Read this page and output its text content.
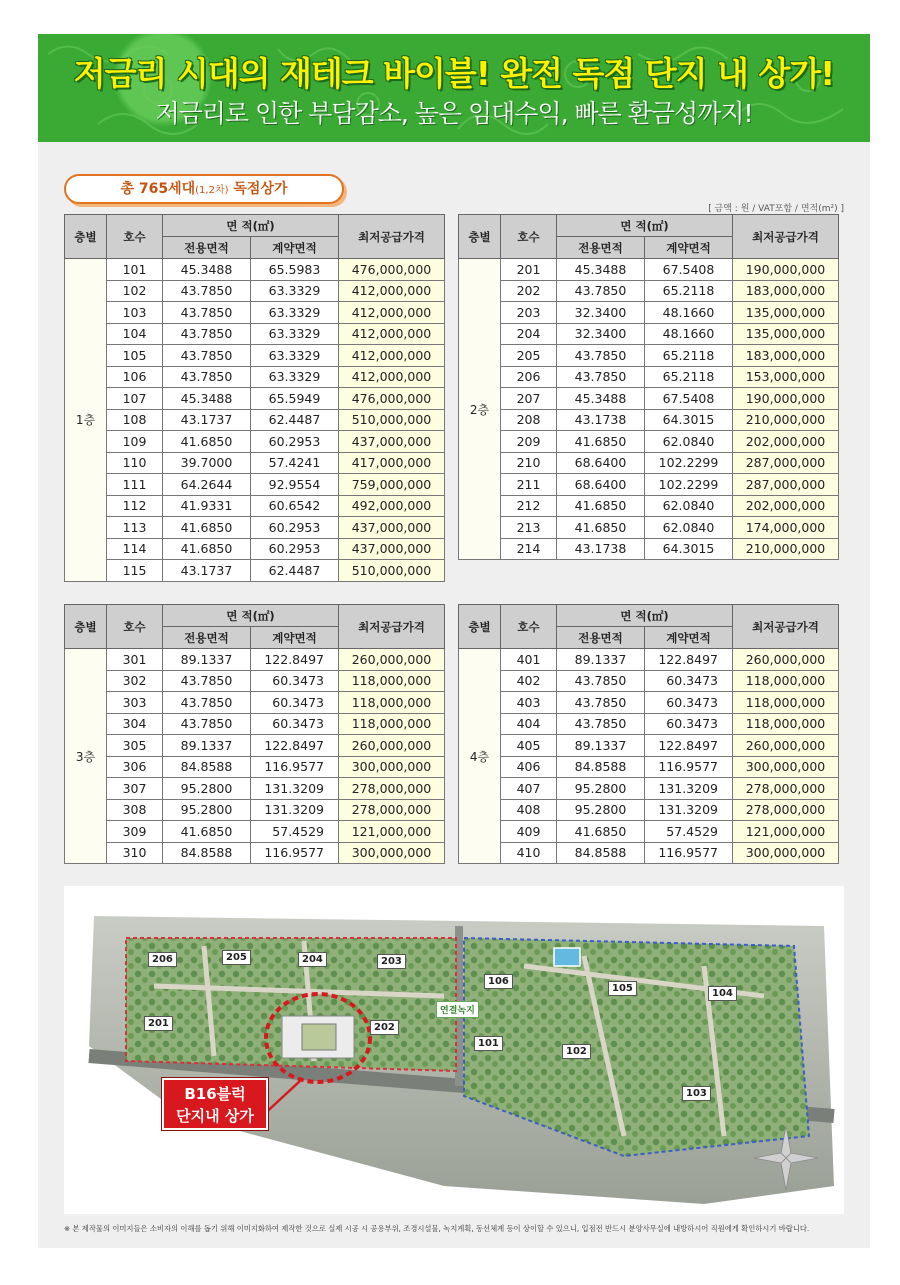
저금리 시대의 재테크 바이블! 완전 독점 단지 내 상가!
저금리로 인한 부담감소, 높은 임대수익, 빠른 환금성까지!
총 765세대(1,2차) 독점상가
[ 금액 : 원 / VAT포함 / 면적(m²) ]
층별	호수	면 적(㎡)		최저공급가격
		전용면적	계약면적	
1층	101	45.3488	65.5983	476,000,000
	102	43.7850	63.3329	412,000,000
	103	43.7850	63.3329	412,000,000
	104	43.7850	63.3329	412,000,000
	105	43.7850	63.3329	412,000,000
	106	43.7850	63.3329	412,000,000
	107	45.3488	65.5949	476,000,000
	108	43.1737	62.4487	510,000,000
	109	41.6850	60.2953	437,000,000
	110	39.7000	57.4241	417,000,000
	111	64.2644	92.9554	759,000,000
	112	41.9331	60.6542	492,000,000
	113	41.6850	60.2953	437,000,000
	114	41.6850	60.2953	437,000,000
	115	43.1737	62.4487	510,000,000
층별	호수	면 적(㎡)		최저공급가격
		전용면적	계약면적	
2층	201	45.3488	67.5408	190,000,000
	202	43.7850	65.2118	183,000,000
	203	32.3400	48.1660	135,000,000
	204	32.3400	48.1660	135,000,000
	205	43.7850	65.2118	183,000,000
	206	43.7850	65.2118	153,000,000
	207	45.3488	67.5408	190,000,000
	208	43.1738	64.3015	210,000,000
	209	41.6850	62.0840	202,000,000
	210	68.6400	102.2299	287,000,000
	211	68.6400	102.2299	287,000,000
	212	41.6850	62.0840	202,000,000
	213	41.6850	62.0840	174,000,000
	214	43.1738	64.3015	210,000,000
층별	호수	면 적(㎡)		최저공급가격
		전용면적	계약면적	
3층	301	89.1337	122.8497	260,000,000
	302	43.7850	60.3473	118,000,000
	303	43.7850	60.3473	118,000,000
	304	43.7850	60.3473	118,000,000
	305	89.1337	122.8497	260,000,000
	306	84.8588	116.9577	300,000,000
	307	95.2800	131.3209	278,000,000
	308	95.2800	131.3209	278,000,000
	309	41.6850	57.4529	121,000,000
	310	84.8588	116.9577	300,000,000
층별	호수	면 적(㎡)		최저공급가격
		전용면적	계약면적	
4층	401	89.1337	122.8497	260,000,000
	402	43.7850	60.3473	118,000,000
	403	43.7850	60.3473	118,000,000
	404	43.7850	60.3473	118,000,000
	405	89.1337	122.8497	260,000,000
	406	84.8588	116.9577	300,000,000
	407	95.2800	131.3209	278,000,000
	408	95.2800	131.3209	278,000,000
	409	41.6850	57.4529	121,000,000
	410	84.8588	116.9577	300,000,000
206	205	204	203
201	202
106
105	104
101
102
103
연결녹지
B16블럭
단지내 상가
※ 본 제작물의 이미지들은 소비자의 이해를 돕기 위해 이미지화하여 제작한 것으로 실제 시공 시 공용부위, 조경시설물, 녹지계획, 동선체계 등이 상이할 수 있으니, 입점전 반드시 분양사무실에 내방하시어 직원에게 확인하시기 바랍니다.
